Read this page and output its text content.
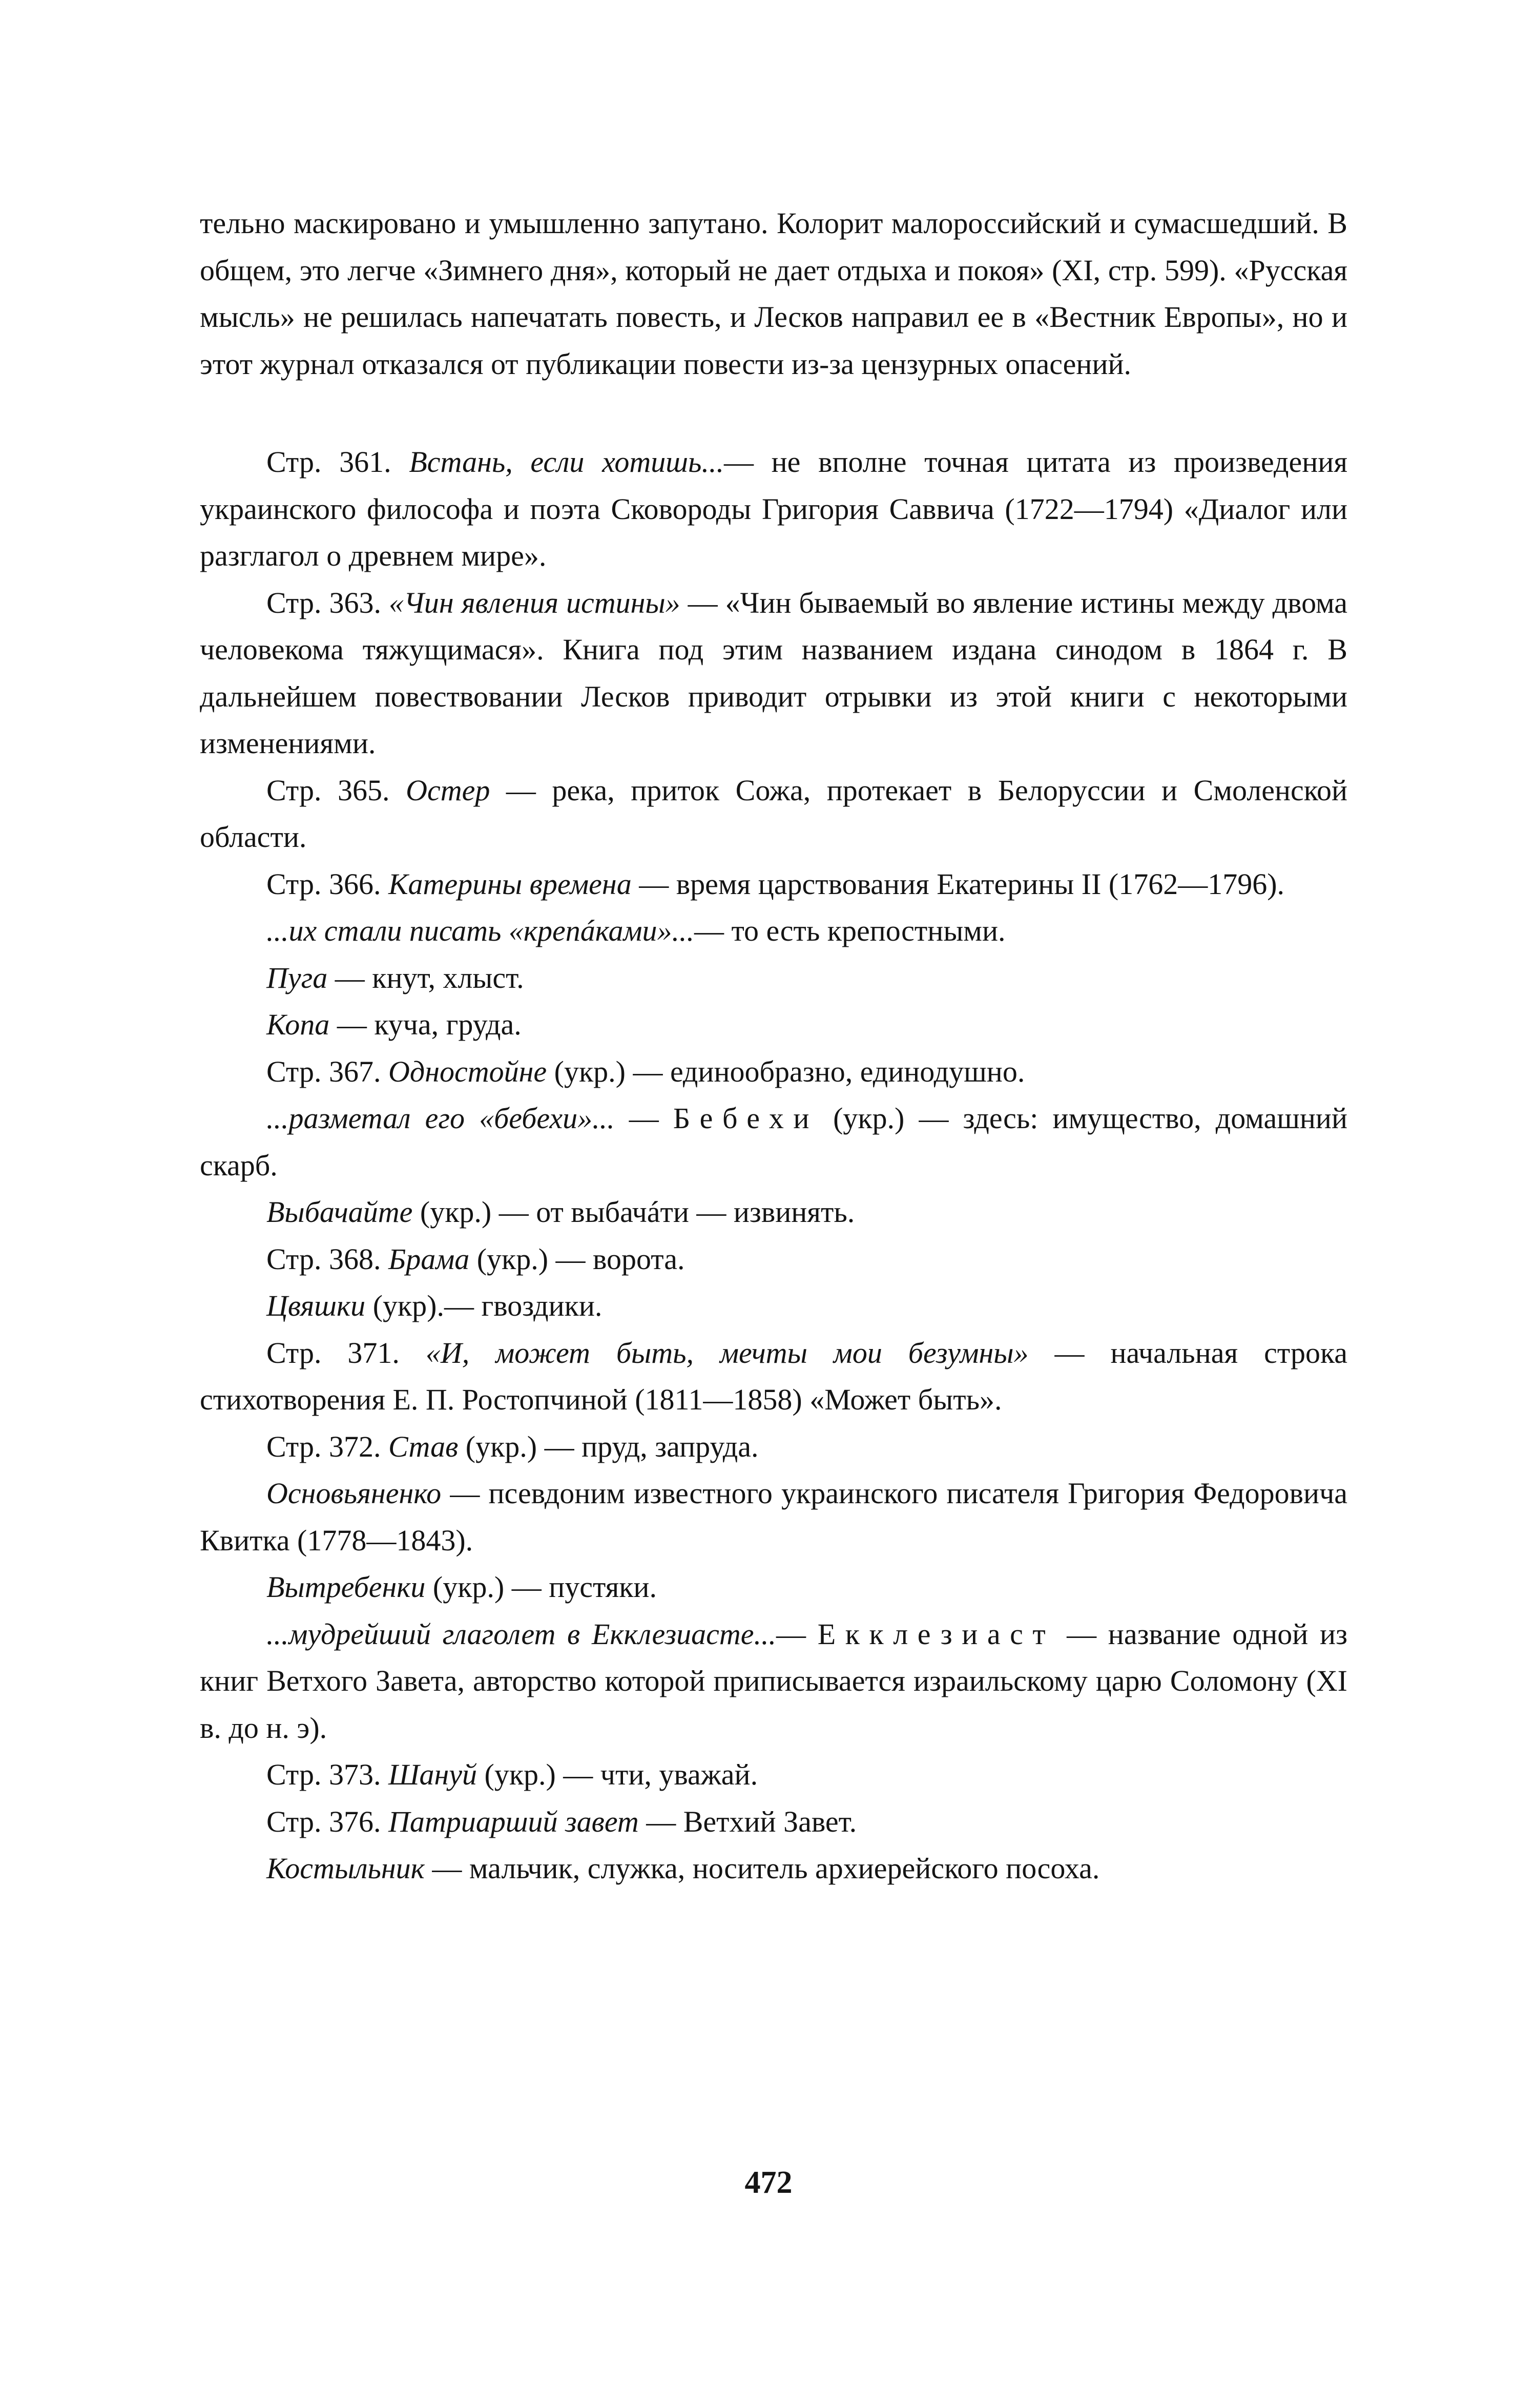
тельно маскировано и умышленно запутано. Колорит малороссийский и сумасшедший. В общем, это легче «Зимнего дня», который не дает отдыха и покоя» (XI, стр. 599). «Русская мысль» не решилась напечатать повесть, и Лесков направил ее в «Вестник Европы», но и этот журнал отказался от публикации повести из-за цензурных опасений.

Стр. 361. Встань, если хотишь...— не вполне точная цитата из произведения украинского философа и поэта Сковороды Григория Саввича (1722—1794) «Диалог или разглагол о древнем мире».

Стр. 363. «Чин явления истины» — «Чин бываемый во явление истины между двома человекома тяжущимася». Книга под этим названием издана синодом в 1864 г. В дальнейшем повествовании Лесков приводит отрывки из этой книги с некоторыми изменениями.

Стр. 365. Остер — река, приток Сожа, протекает в Белоруссии и Смоленской области.

Стр. 366. Катерины времена — время царствования Екатерины II (1762—1796).

...их стали писать «крепáками»...— то есть крепостными.

Пуга — кнут, хлыст.

Копа — куча, груда.

Стр. 367. Одностойне (укр.) — единообразно, единодушно.

...разметал его «бебехи»... — Бебехи (укр.) — здесь: имущество, домашний скарб.

Выбачайте (укр.) — от выбачáти — извинять.

Стр. 368. Брама (укр.) — ворота.

Цвяшки (укр).— гвоздики.

Стр. 371. «И, может быть, мечты мои безумны» — начальная строка стихотворения Е. П. Ростопчиной (1811—1858) «Может быть».

Стр. 372. Став (укр.) — пруд, запруда.

Основьяненко — псевдоним известного украинского писателя Григория Федоровича Квитка (1778—1843).

Вытребенки (укр.) — пустяки.

...мудрейший глаголет в Екклезиасте...— Екклезиаст — название одной из книг Ветхого Завета, авторство которой приписывается израильскому царю Соломону (XI в. до н. э).

Стр. 373. Шануй (укр.) — чти, уважай.

Стр. 376. Патриарший завет — Ветхий Завет.

Костыльник — мальчик, служка, носитель архиерейского посоха.

472
